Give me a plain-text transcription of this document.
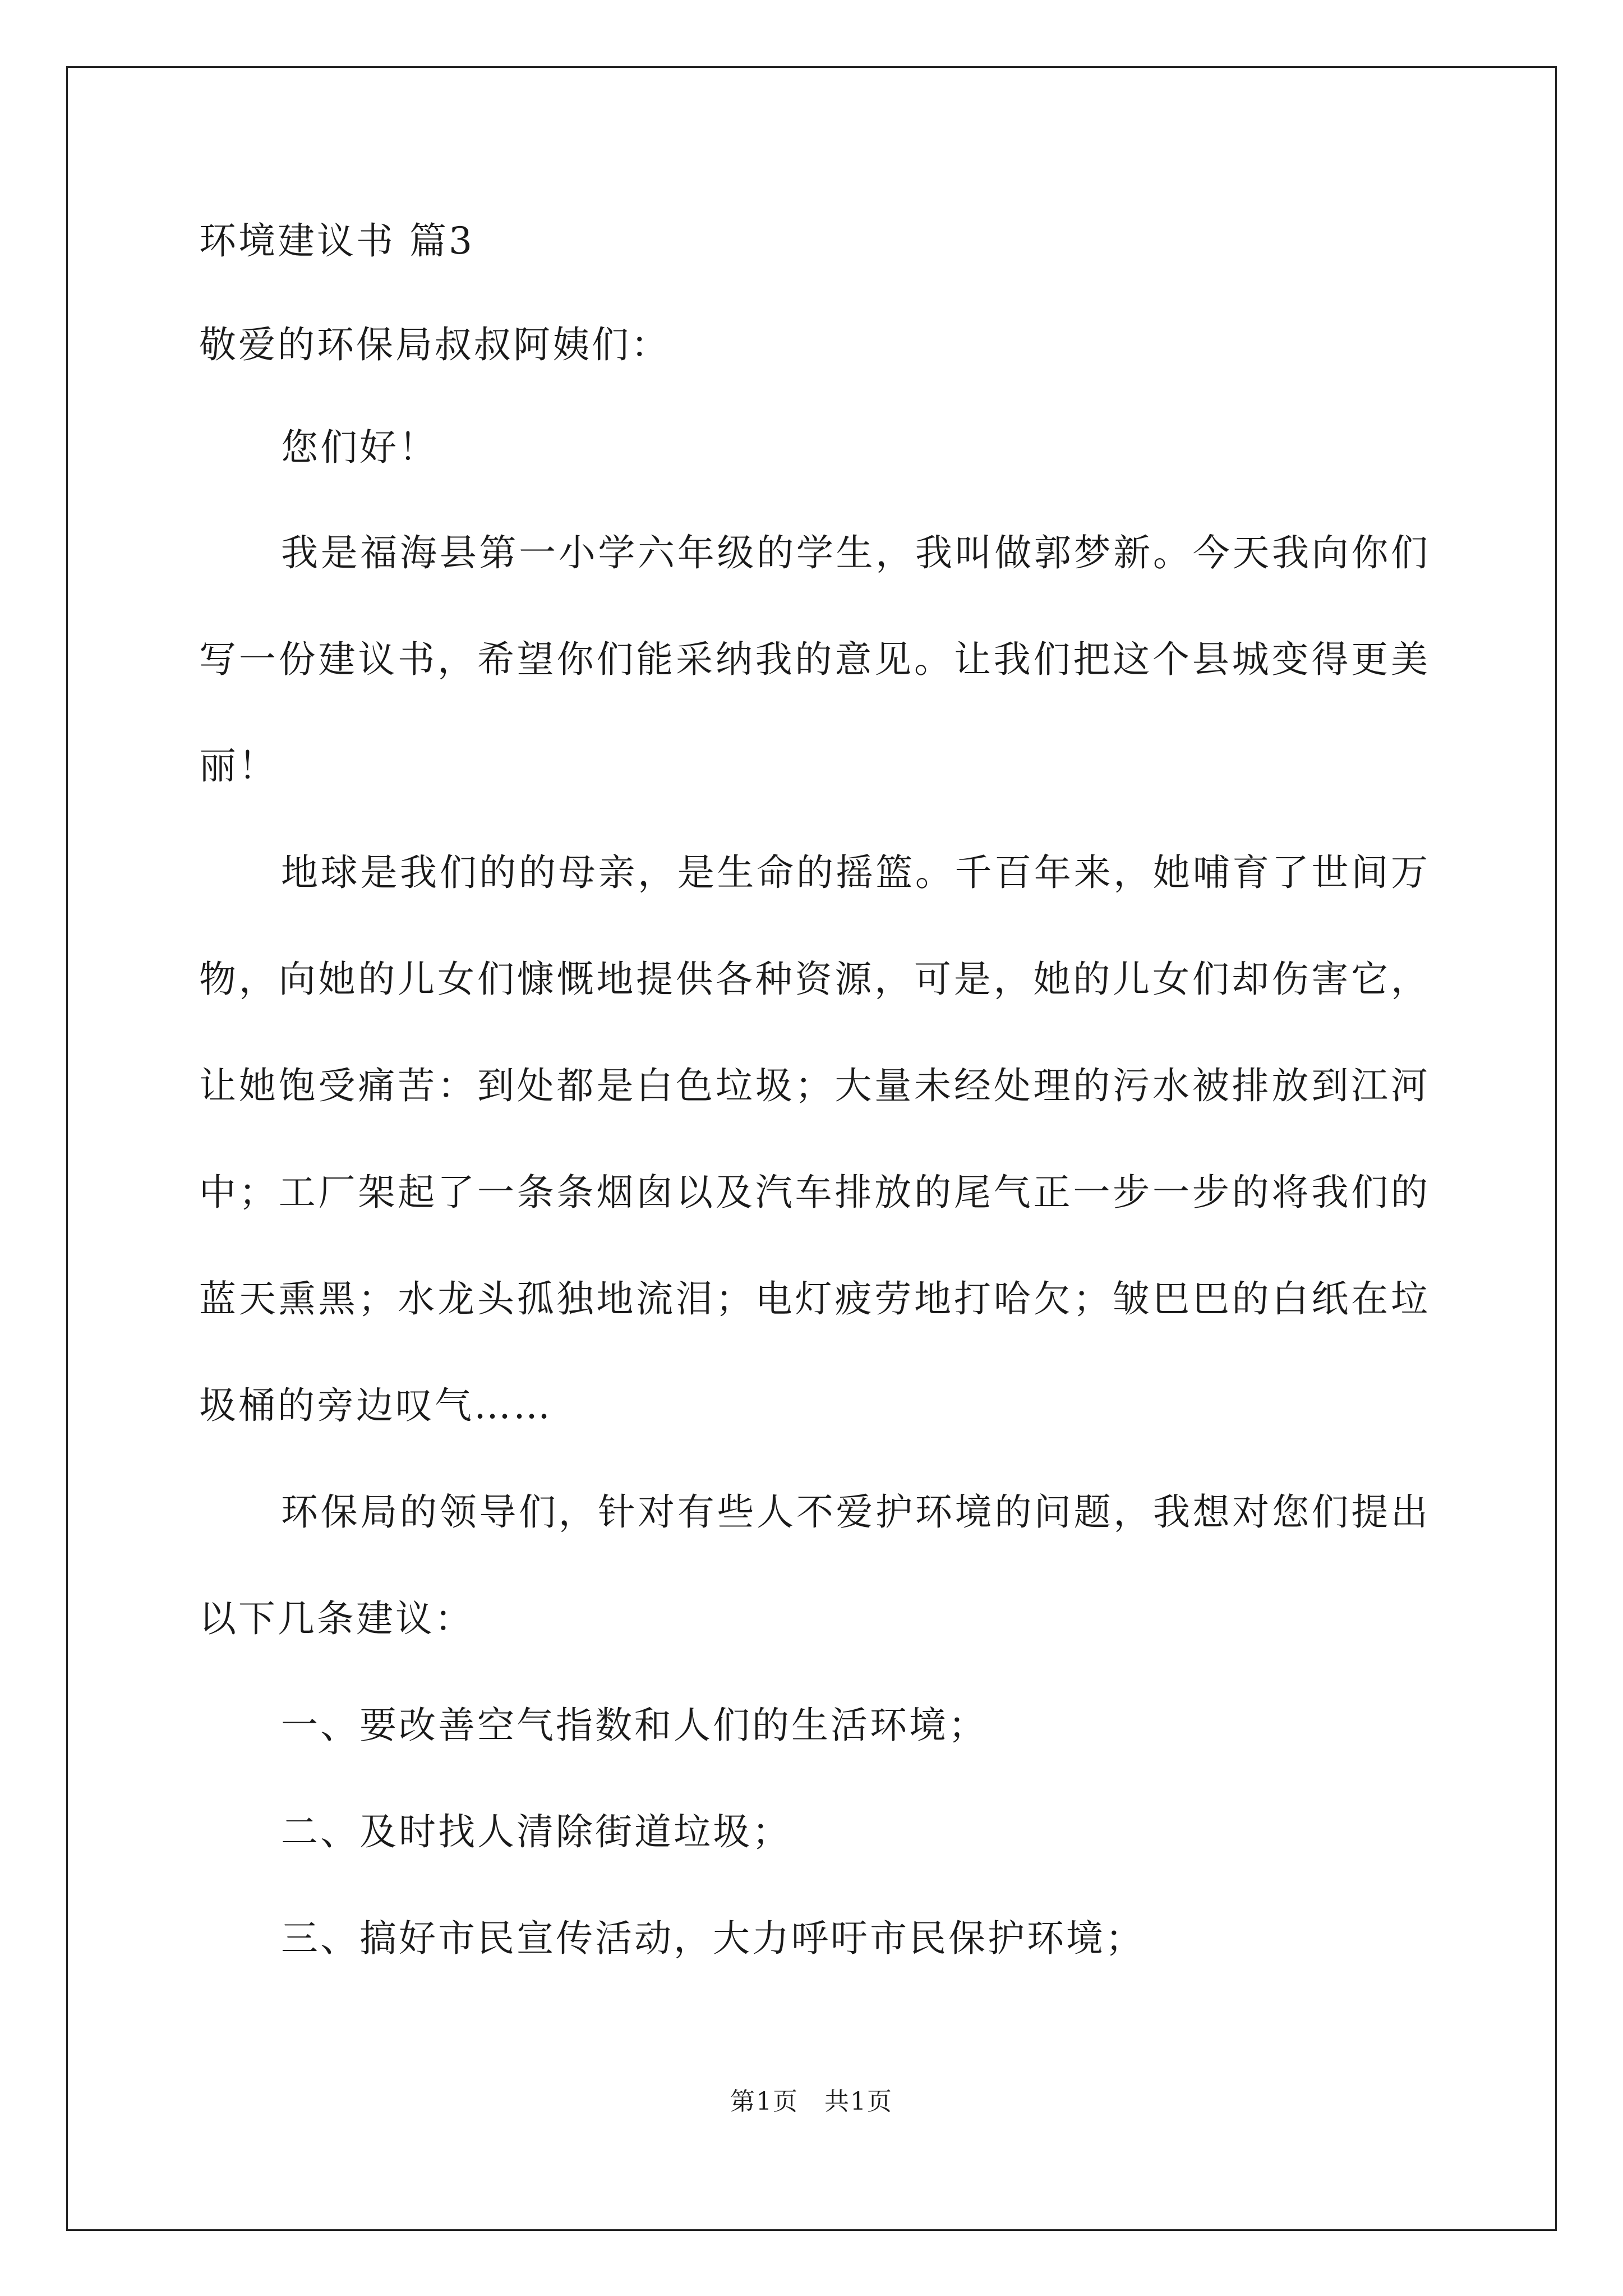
环境建议书 篇3
敬爱的环保局叔叔阿姨们：

您们好！

我是福海县第一小学六年级的学生，我叫做郭梦新。今天我向你们写一份建议书，希望你们能采纳我的意见。让我们把这个县城变得更美丽！

地球是我们的的母亲，是生命的摇篮。千百年来，她哺育了世间万物，向她的儿女们慷慨地提供各种资源，可是，她的儿女们却伤害它，让她饱受痛苦：到处都是白色垃圾；大量未经处理的污水被排放到江河中；工厂架起了一条条烟囱以及汽车排放的尾气正一步一步的将我们的蓝天熏黑；水龙头孤独地流泪；电灯疲劳地打哈欠；皱巴巴的白纸在垃圾桶的旁边叹气……

环保局的领导们，针对有些人不爱护环境的问题，我想对您们提出以下几条建议：

一、要改善空气指数和人们的生活环境；

二、及时找人清除街道垃圾；

三、搞好市民宣传活动，大力呼吁市民保护环境；

第1页　共1页
